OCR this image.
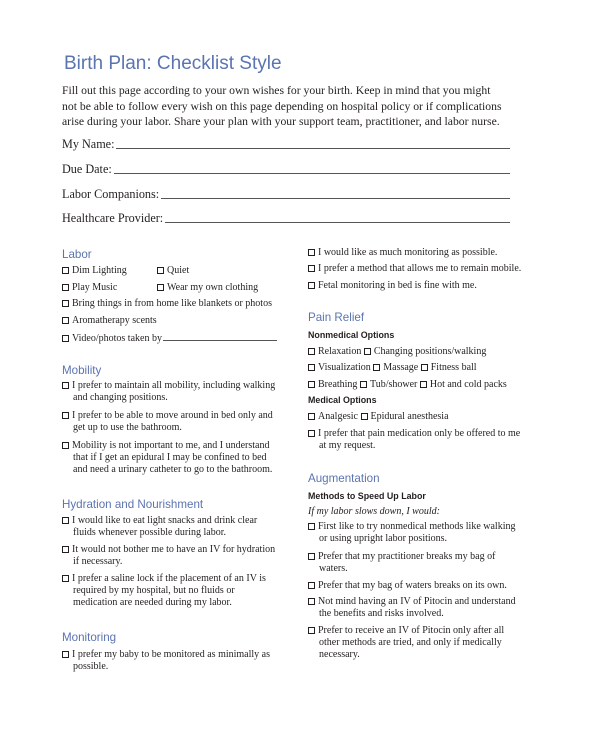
Birth Plan: Checklist Style
Fill out this page according to your own wishes for your birth. Keep in mind that you might
not be able to follow every wish on this page depending on hospital policy or if complications
arise during your labor. Share your plan with your support team, practitioner, and labor nurse.
My Name:
Due Date:
Labor Companions:
Healthcare Provider:
Labor
Dim Lighting	Quiet
Play Music	Wear my own clothing
Bring things in from home like blankets or photos
Aromatherapy scents
Video/photos taken by
Mobility
I prefer to maintain all mobility, including walking
and changing positions.
I prefer to be able to move around in bed only and
get up to use the bathroom.
Mobility is not important to me, and I understand
that if I get an epidural I may be confined to bed
and need a urinary catheter to go to the bathroom.
Hydration and Nourishment
I would like to eat light snacks and drink clear
fluids whenever possible during labor.
It would not bother me to have an IV for hydration
if necessary.
I prefer a saline lock if the placement of an IV is
required by my hospital, but no fluids or
medication are needed during my labor.
Monitoring
I prefer my baby to be monitored as minimally as
possible.
I would like as much monitoring as possible.
I prefer a method that allows me to remain mobile.
Fetal monitoring in bed is fine with me.
Pain Relief
Nonmedical Options
Relaxation Changing positions/walking
Visualization Massage Fitness ball
Breathing Tub/shower Hot and cold packs
Medical Options
Analgesic Epidural anesthesia
I prefer that pain medication only be offered to me
at my request.
Augmentation
Methods to Speed Up Labor
If my labor slows down, I would:
First like to try nonmedical methods like walking
or using upright labor positions.
Prefer that my practitioner breaks my bag of
waters.
Prefer that my bag of waters breaks on its own.
Not mind having an IV of Pitocin and understand
the benefits and risks involved.
Prefer to receive an IV of Pitocin only after all
other methods are tried, and only if medically
necessary.
